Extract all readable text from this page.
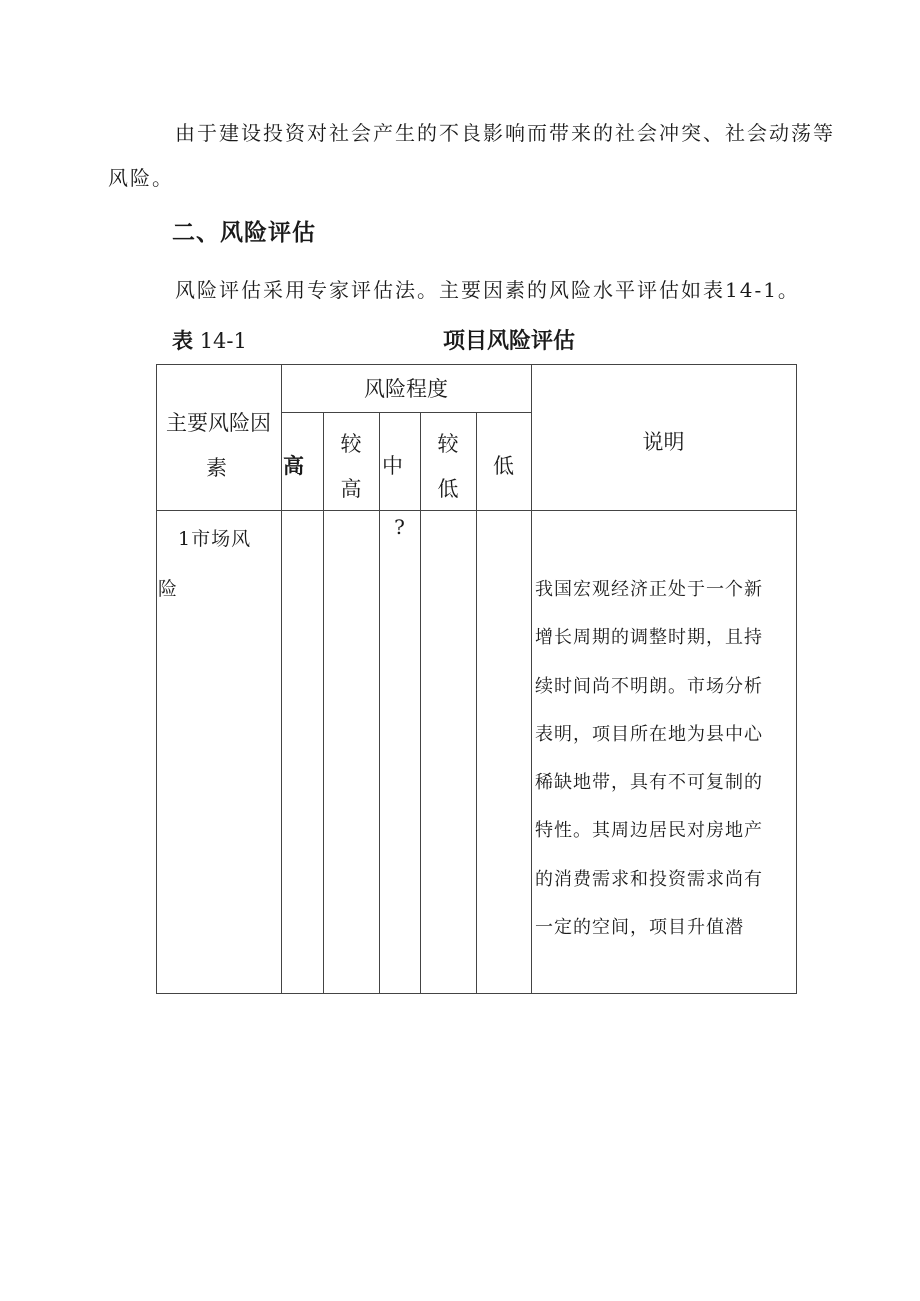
由于建设投资对社会产生的不良影响而带来的社会冲突、社会动荡等

风险。

二、风险评估

风险评估采用专家评估法。主要因素的风险水平评估如表14-1。

表 14-1	项目风险评估

主要风险因
素
风险程度
高
较
高
中
较
低
低
说明
1市场风
险
?
我国宏观经济正处于一个新
增长周期的调整时期，且持
续时间尚不明朗。市场分析
表明，项目所在地为县中心
稀缺地带，具有不可复制的
特性。其周边居民对房地产
的消费需求和投资需求尚有
一定的空间，项目升值潜
